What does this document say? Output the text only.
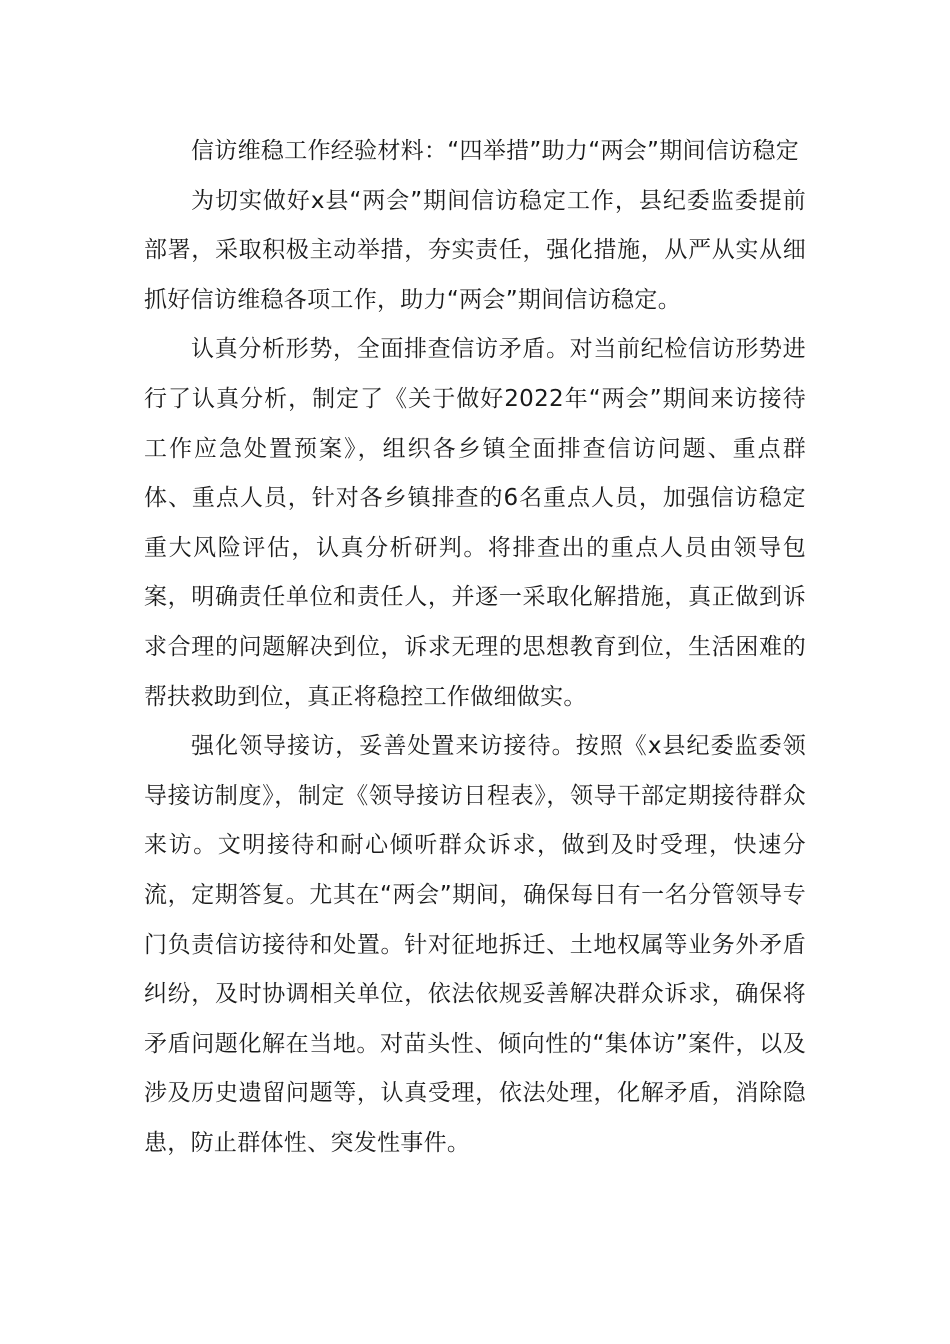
信访维稳工作经验材料：“四举措”助力“两会”期间信访稳定

为切实做好x县“两会”期间信访稳定工作，县纪委监委提前部署，采取积极主动举措，夯实责任，强化措施，从严从实从细抓好信访维稳各项工作，助力“两会”期间信访稳定。

认真分析形势，全面排查信访矛盾。对当前纪检信访形势进行了认真分析，制定了《关于做好2022年“两会”期间来访接待工作应急处置预案》，组织各乡镇全面排查信访问题、重点群体、重点人员，针对各乡镇排查的6名重点人员，加强信访稳定重大风险评估，认真分析研判。将排查出的重点人员由领导包案，明确责任单位和责任人，并逐一采取化解措施，真正做到诉求合理的问题解决到位，诉求无理的思想教育到位，生活困难的帮扶救助到位，真正将稳控工作做细做实。

强化领导接访，妥善处置来访接待。按照《x县纪委监委领导接访制度》，制定《领导接访日程表》，领导干部定期接待群众来访。文明接待和耐心倾听群众诉求，做到及时受理，快速分流，定期答复。尤其在“两会”期间，确保每日有一名分管领导专门负责信访接待和处置。针对征地拆迁、土地权属等业务外矛盾纠纷，及时协调相关单位，依法依规妥善解决群众诉求，确保将矛盾问题化解在当地。对苗头性、倾向性的“集体访”案件，以及涉及历史遗留问题等，认真受理，依法处理，化解矛盾，消除隐患，防止群体性、突发性事件。
